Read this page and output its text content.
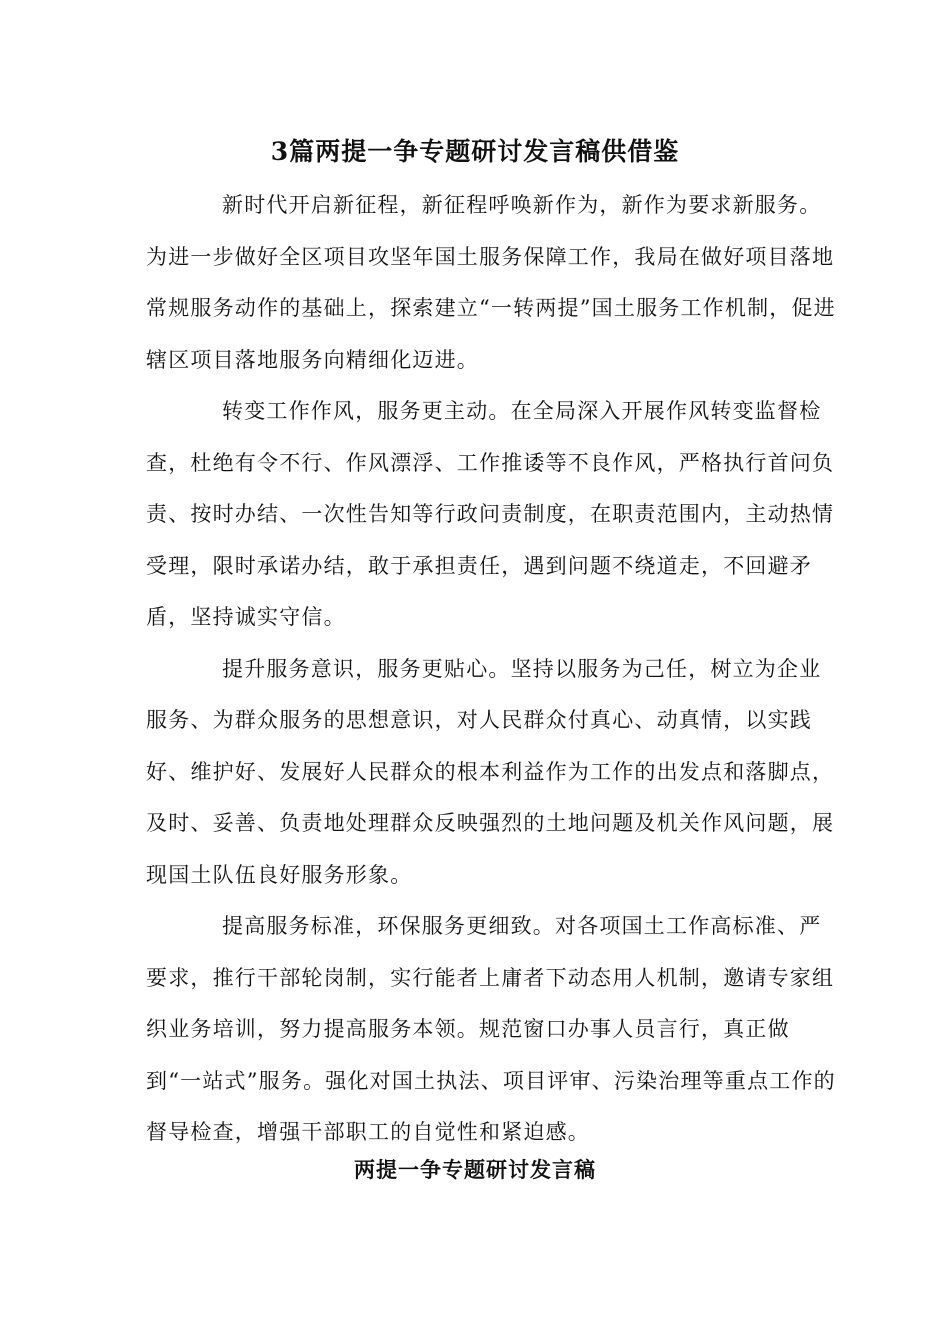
3篇两提一争专题研讨发言稿供借鉴

新时代开启新征程，新征程呼唤新作为，新作为要求新服务。为进一步做好全区项目攻坚年国土服务保障工作，我局在做好项目落地常规服务动作的基础上，探索建立“一转两提”国土服务工作机制，促进辖区项目落地服务向精细化迈进。

转变工作作风，服务更主动。在全局深入开展作风转变监督检查，杜绝有令不行、作风漂浮、工作推诿等不良作风，严格执行首问负责、按时办结、一次性告知等行政问责制度，在职责范围内，主动热情受理，限时承诺办结，敢于承担责任，遇到问题不绕道走，不回避矛盾，坚持诚实守信。

提升服务意识，服务更贴心。坚持以服务为己任，树立为企业服务、为群众服务的思想意识，对人民群众付真心、动真情，以实践好、维护好、发展好人民群众的根本利益作为工作的出发点和落脚点，及时、妥善、负责地处理群众反映强烈的土地问题及机关作风问题，展现国土队伍良好服务形象。

提高服务标准，环保服务更细致。对各项国土工作高标准、严要求，推行干部轮岗制，实行能者上庸者下动态用人机制，邀请专家组织业务培训，努力提高服务本领。规范窗口办事人员言行，真正做到“一站式”服务。强化对国土执法、项目评审、污染治理等重点工作的督导检查，增强干部职工的自觉性和紧迫感。

两提一争专题研讨发言稿
